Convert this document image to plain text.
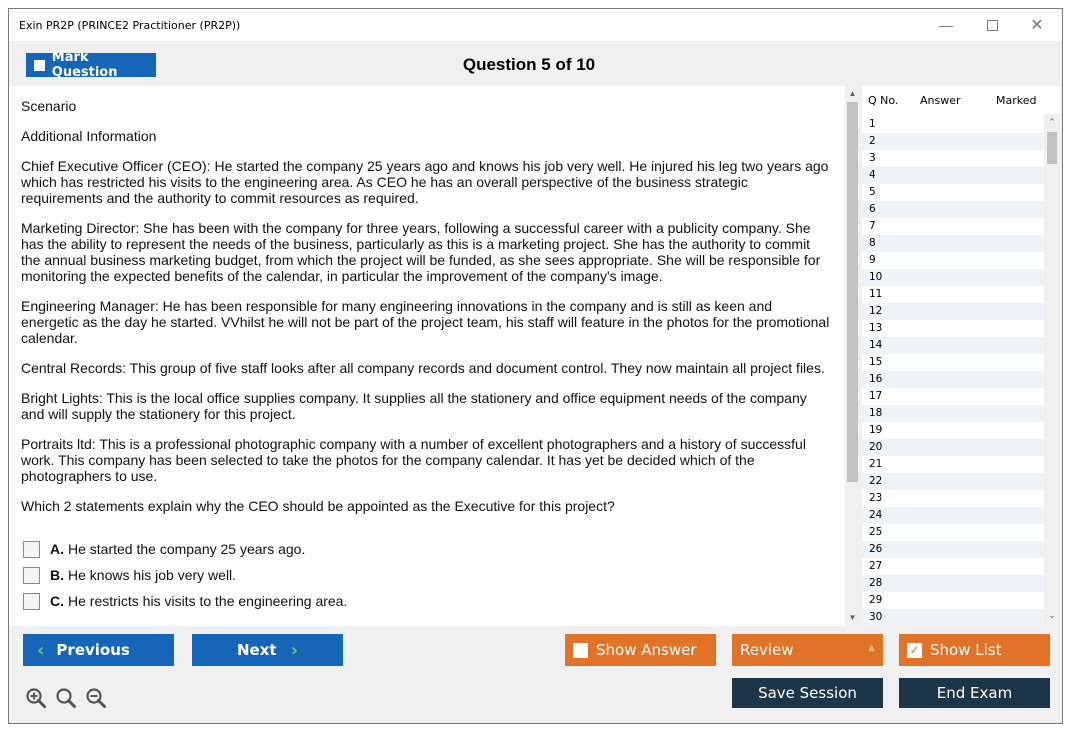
Exin PR2P (PRINCE2 Practitioner (PR2P))	—	✕
Mark Question	Question 5 of 10

Scenario

Additional Information

Chief Executive Officer (CEO): He started the company 25 years ago and knows his job very well. He injured his leg two years ago which has restricted his visits to the engineering area. As CEO he has an overall perspective of the business strategic requirements and the authority to commit resources as required.

Marketing Director: She has been with the company for three years, following a successful career with a publicity company. She has the ability to represent the needs of the business, particularly as this is a marketing project. She has the authority to commit the annual business marketing budget, from which the project will be funded, as she sees appropriate. She will be responsible for monitoring the expected benefits of the calendar, in particular the improvement of the company's image.

Engineering Manager: He has been responsible for many engineering innovations in the company and is still as keen and energetic as the day he started. VVhilst he will not be part of the project team, his staff will feature in the photos for the promotional calendar.

Central Records: This group of five staff looks after all company records and document control. They now maintain all project files.

Bright Lights: This is the local office supplies company. It supplies all the stationery and office equipment needs of the company and will supply the stationery for this project.

Portraits ltd: This is a professional photographic company with a number of excellent photographers and a history of successful work. This company has been selected to take the photos for the company calendar. It has yet be decided which of the photographers to use.

Which 2 statements explain why the CEO should be appointed as the Executive for this project?

A. He started the company 25 years ago.
B. He knows his job very well.
C. He restricts his visits to the engineering area.
▲
▼
Q No. Answer	Marked
1
2
3
4
5
6
7
8
9
10
11
12
13
14
15
16
17
18
19
20
21
22
23
24
25
26
27
28
29
30
⌃
⌄
‹ Previous	Next ›	Show Answer	Review	▲	✓ Show List
Save Session	End Exam
